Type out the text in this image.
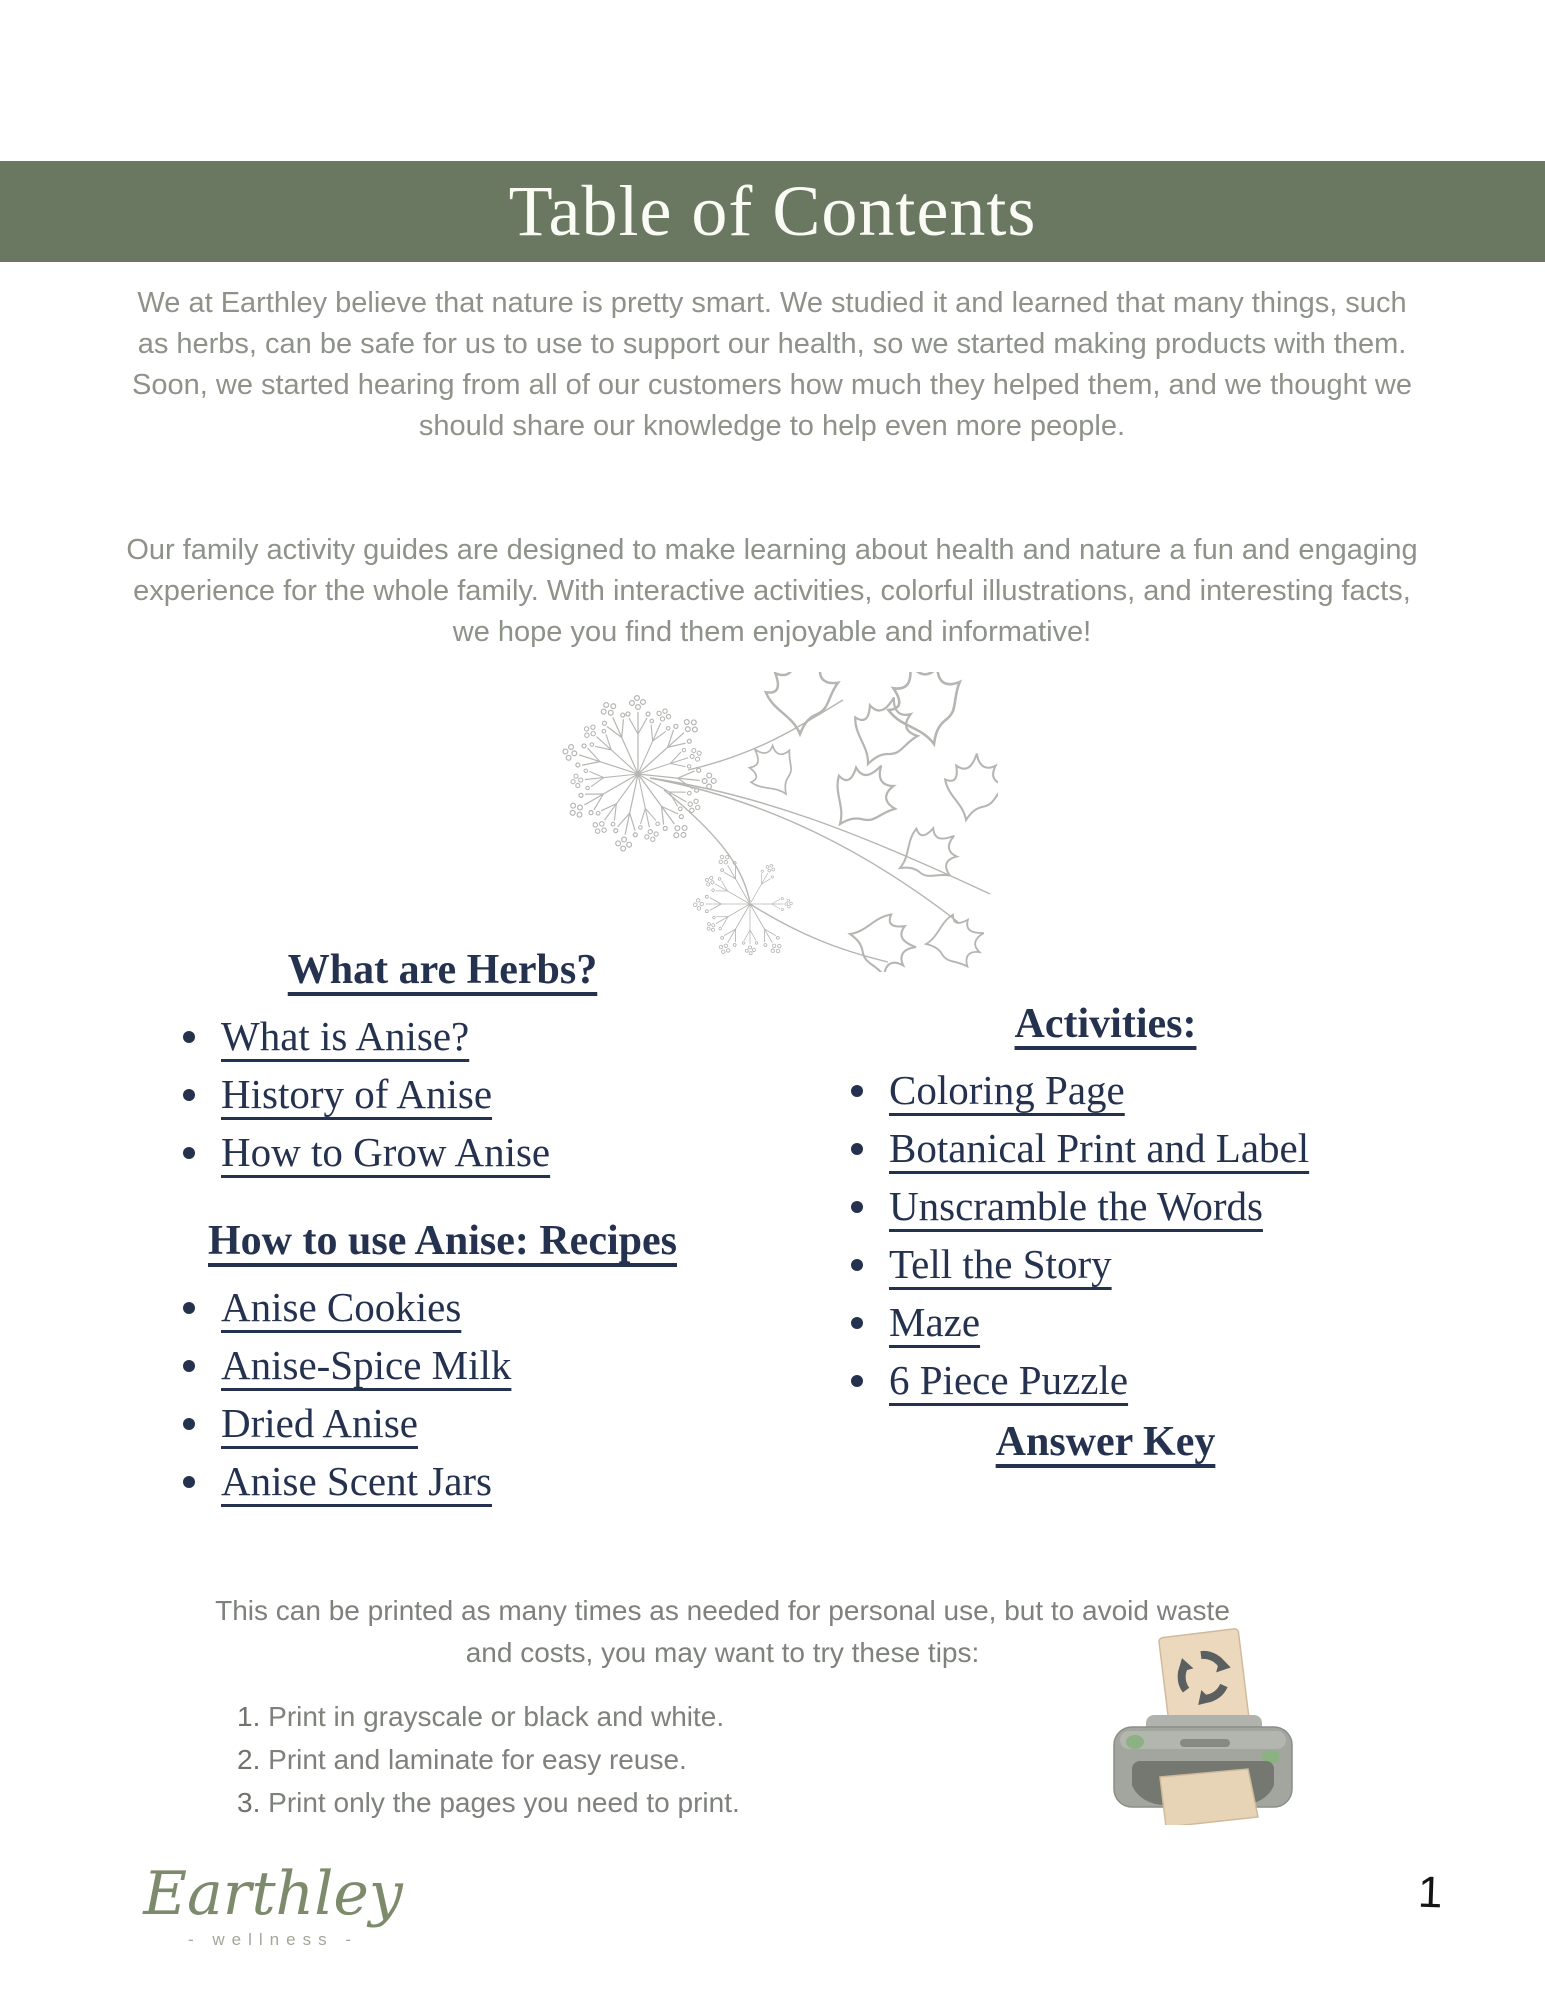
Table of Contents

We at Earthley believe that nature is pretty smart. We studied it and learned that many things, such as herbs, can be safe for us to use to support our health, so we started making products with them. Soon, we started hearing from all of our customers how much they helped them, and we thought we should share our knowledge to help even more people.

Our family activity guides are designed to make learning about health and nature a fun and engaging experience for the whole family. With interactive activities, colorful illustrations, and interesting facts, we hope you find them enjoyable and informative!

What are Herbs?
What is Anise?
History of Anise
How to Grow Anise
How to use Anise: Recipes
Anise Cookies
Anise-Spice Milk
Dried Anise
Anise Scent Jars
Activities:
Coloring Page
Botanical Print and Label
Unscramble the Words
Tell the Story
Maze
6 Piece Puzzle
Answer Key

This can be printed as many times as needed for personal use, but to avoid waste and costs, you may want to try these tips:

Print in grayscale or black and white.
Print and laminate for easy reuse.
Print only the pages you need to print.
Earthley
- wellness -
1
